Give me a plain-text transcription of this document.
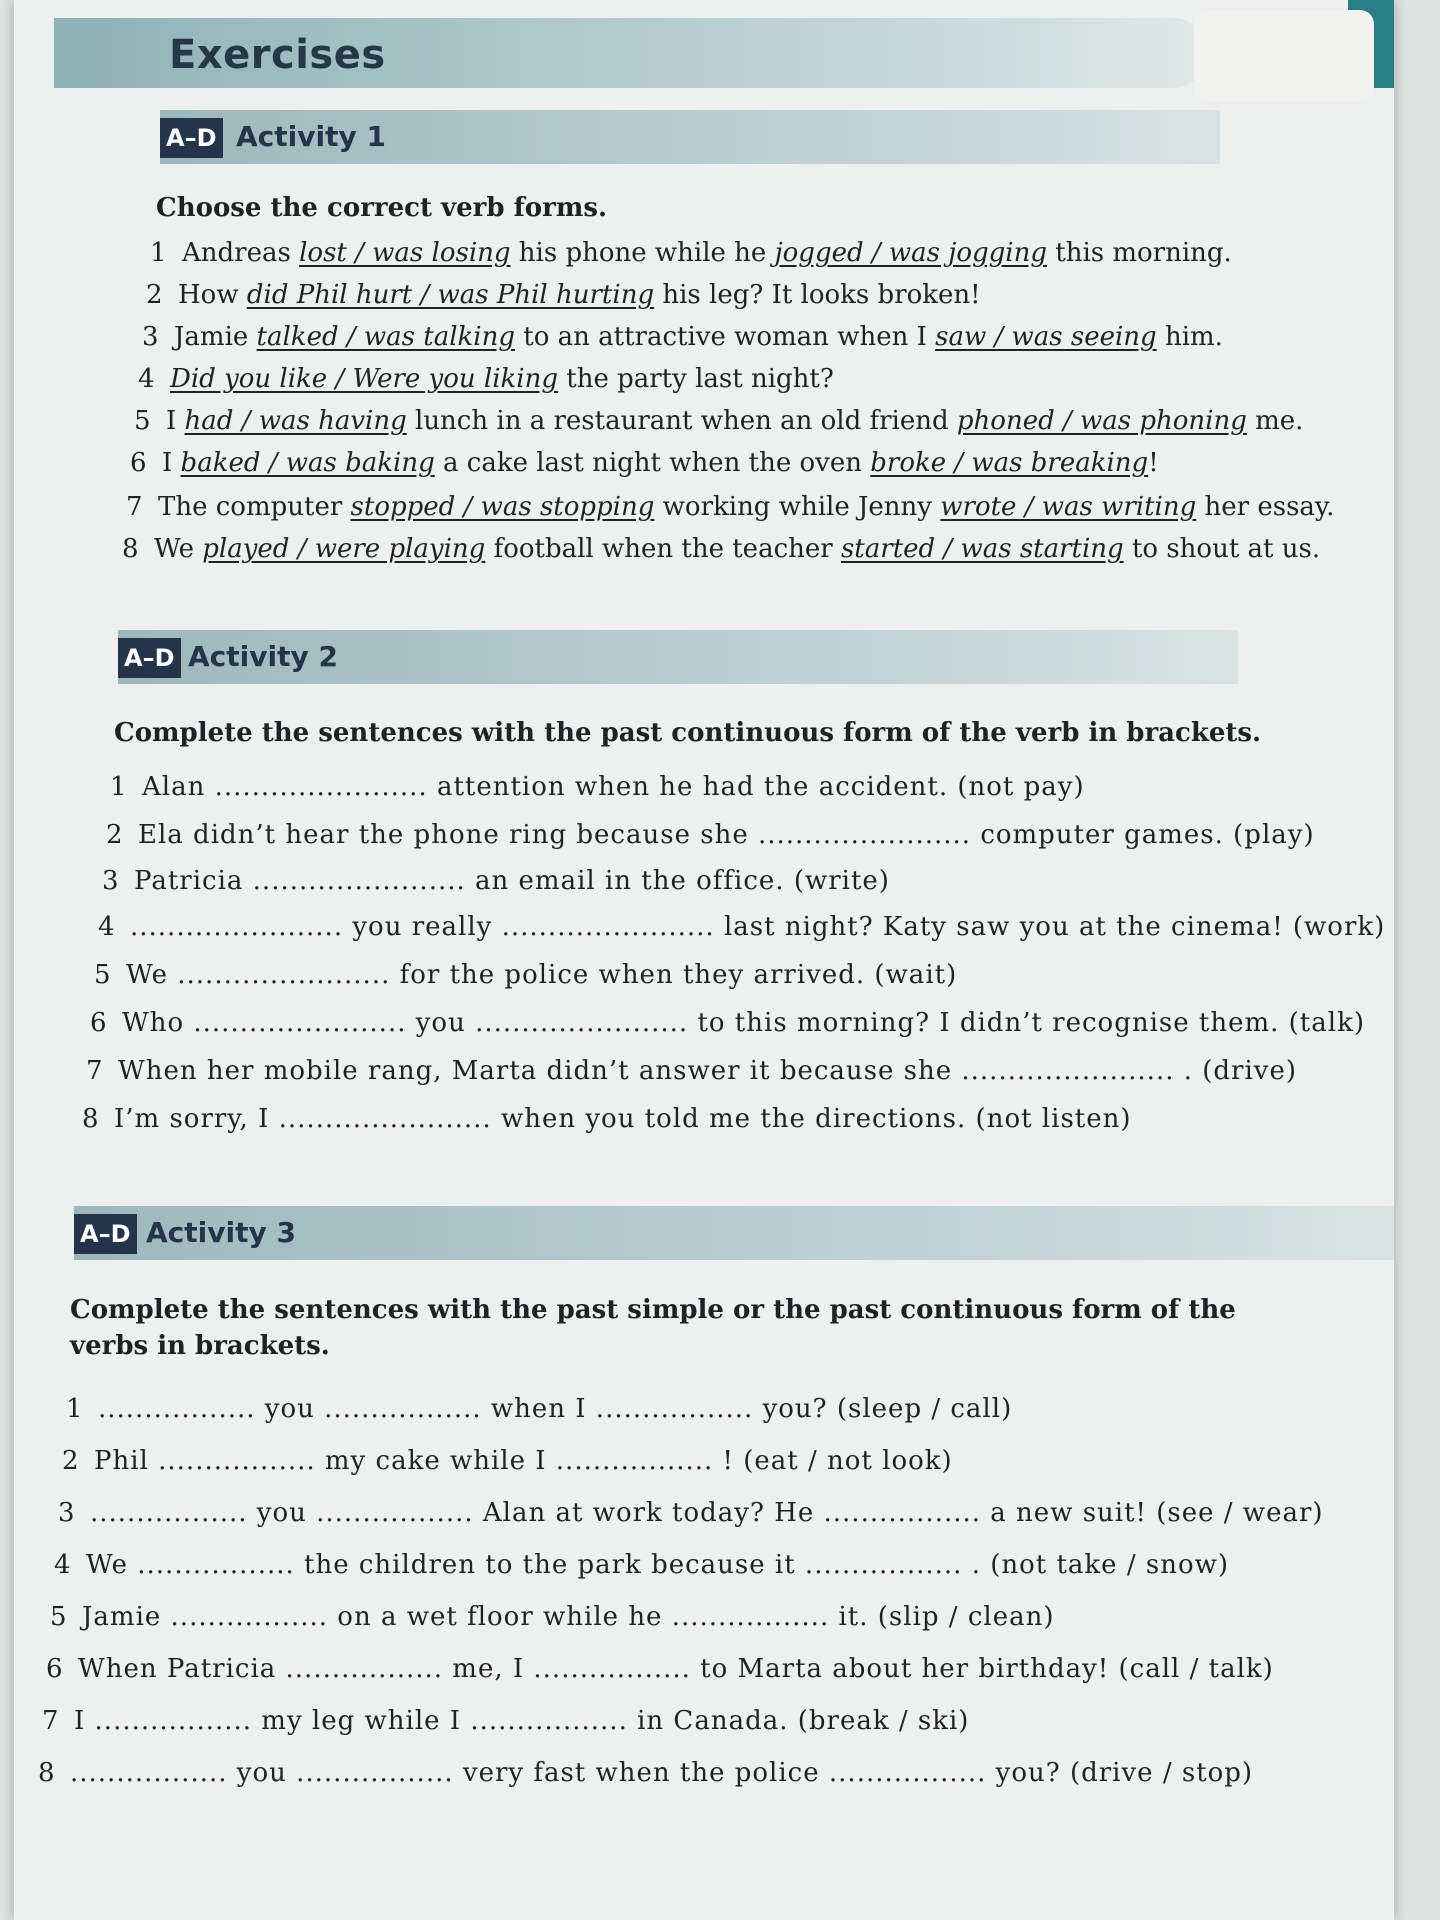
Exercises
A–D Activity 1
Choose the correct verb forms.
1 Andreas lost / was losing his phone while he jogged / was jogging this morning.
2 How did Phil hurt / was Phil hurting his leg? It looks broken!
3 Jamie talked / was talking to an attractive woman when I saw / was seeing him.
4 Did you like / Were you liking the party last night?
5 I had / was having lunch in a restaurant when an old friend phoned / was phoning me.
6 I baked / was baking a cake last night when the oven broke / was breaking!
7 The computer stopped / was stopping working while Jenny wrote / was writing her essay.
8 We played / were playing football when the teacher started / was starting to shout at us.
A–D Activity 2
Complete the sentences with the past continuous form of the verb in brackets.
1 Alan ....................... attention when he had the accident. (not pay)
2 Ela didn’t hear the phone ring because she ....................... computer games. (play)
3 Patricia ....................... an email in the office. (write)
4 ....................... you really ....................... last night? Katy saw you at the cinema! (work)
5 We ....................... for the police when they arrived. (wait)
6 Who ....................... you ....................... to this morning? I didn’t recognise them. (talk)
7 When her mobile rang, Marta didn’t answer it because she ....................... . (drive)
8 I’m sorry, I ....................... when you told me the directions. (not listen)
A–D Activity 3
Complete the sentences with the past simple or the past continuous form of the verbs in brackets.
1 ................. you ................. when I ................. you? (sleep / call)
2 Phil ................. my cake while I ................. ! (eat / not look)
3 ................. you ................. Alan at work today? He ................. a new suit! (see / wear)
4 We ................. the children to the park because it ................. . (not take / snow)
5 Jamie ................. on a wet floor while he ................. it. (slip / clean)
6 When Patricia ................. me, I ................. to Marta about her birthday! (call / talk)
7 I ................. my leg while I ................. in Canada. (break / ski)
8 ................. you ................. very fast when the police ................. you? (drive / stop)
